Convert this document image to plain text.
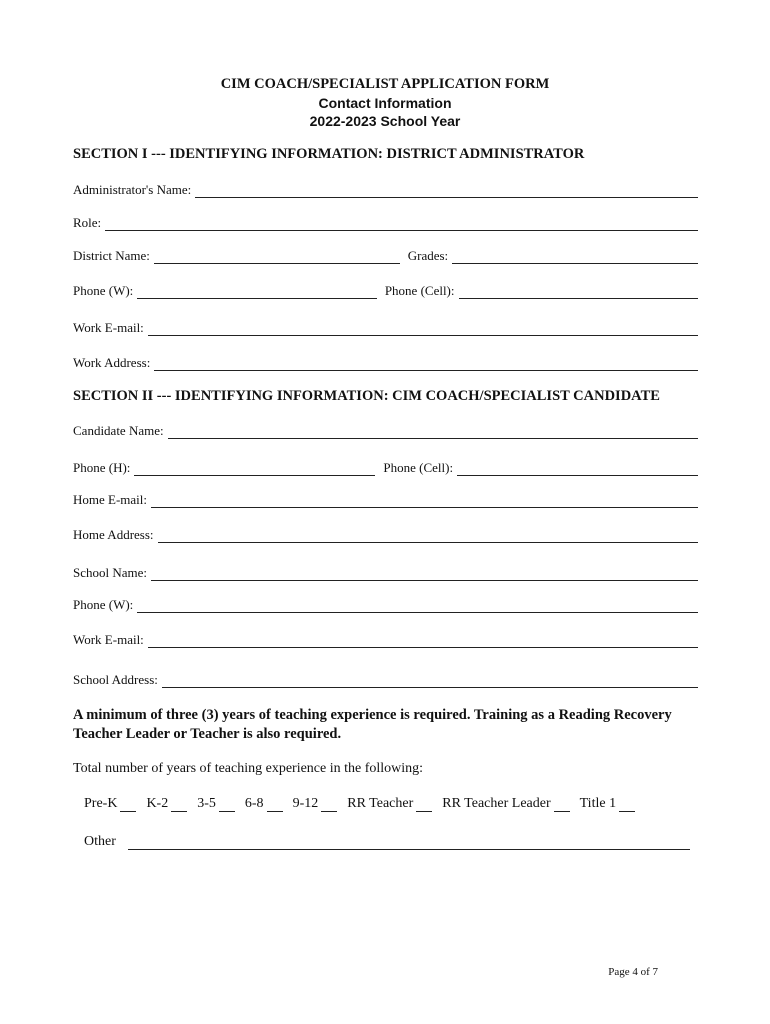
CIM COACH/SPECIALIST APPLICATION FORM
Contact Information
2022-2023 School Year
SECTION I --- IDENTIFYING INFORMATION: DISTRICT ADMINISTRATOR
Administrator's Name:
Role:
District Name:	Grades:
Phone (W):	Phone (Cell):
Work E-mail:
Work Address:
SECTION II --- IDENTIFYING INFORMATION: CIM COACH/SPECIALIST CANDIDATE
Candidate Name:
Phone (H):	Phone (Cell):
Home E-mail:
Home Address:
School Name:
Phone (W):
Work E-mail:
School Address:
A minimum of three (3) years of teaching experience is required. Training as a Reading Recovery Teacher Leader or Teacher is also required.
Total number of years of teaching experience in the following:
Pre-K K-2 3-5 6-8 9-12 RR Teacher RR Teacher Leader Title 1
Other
Page 4 of 7
